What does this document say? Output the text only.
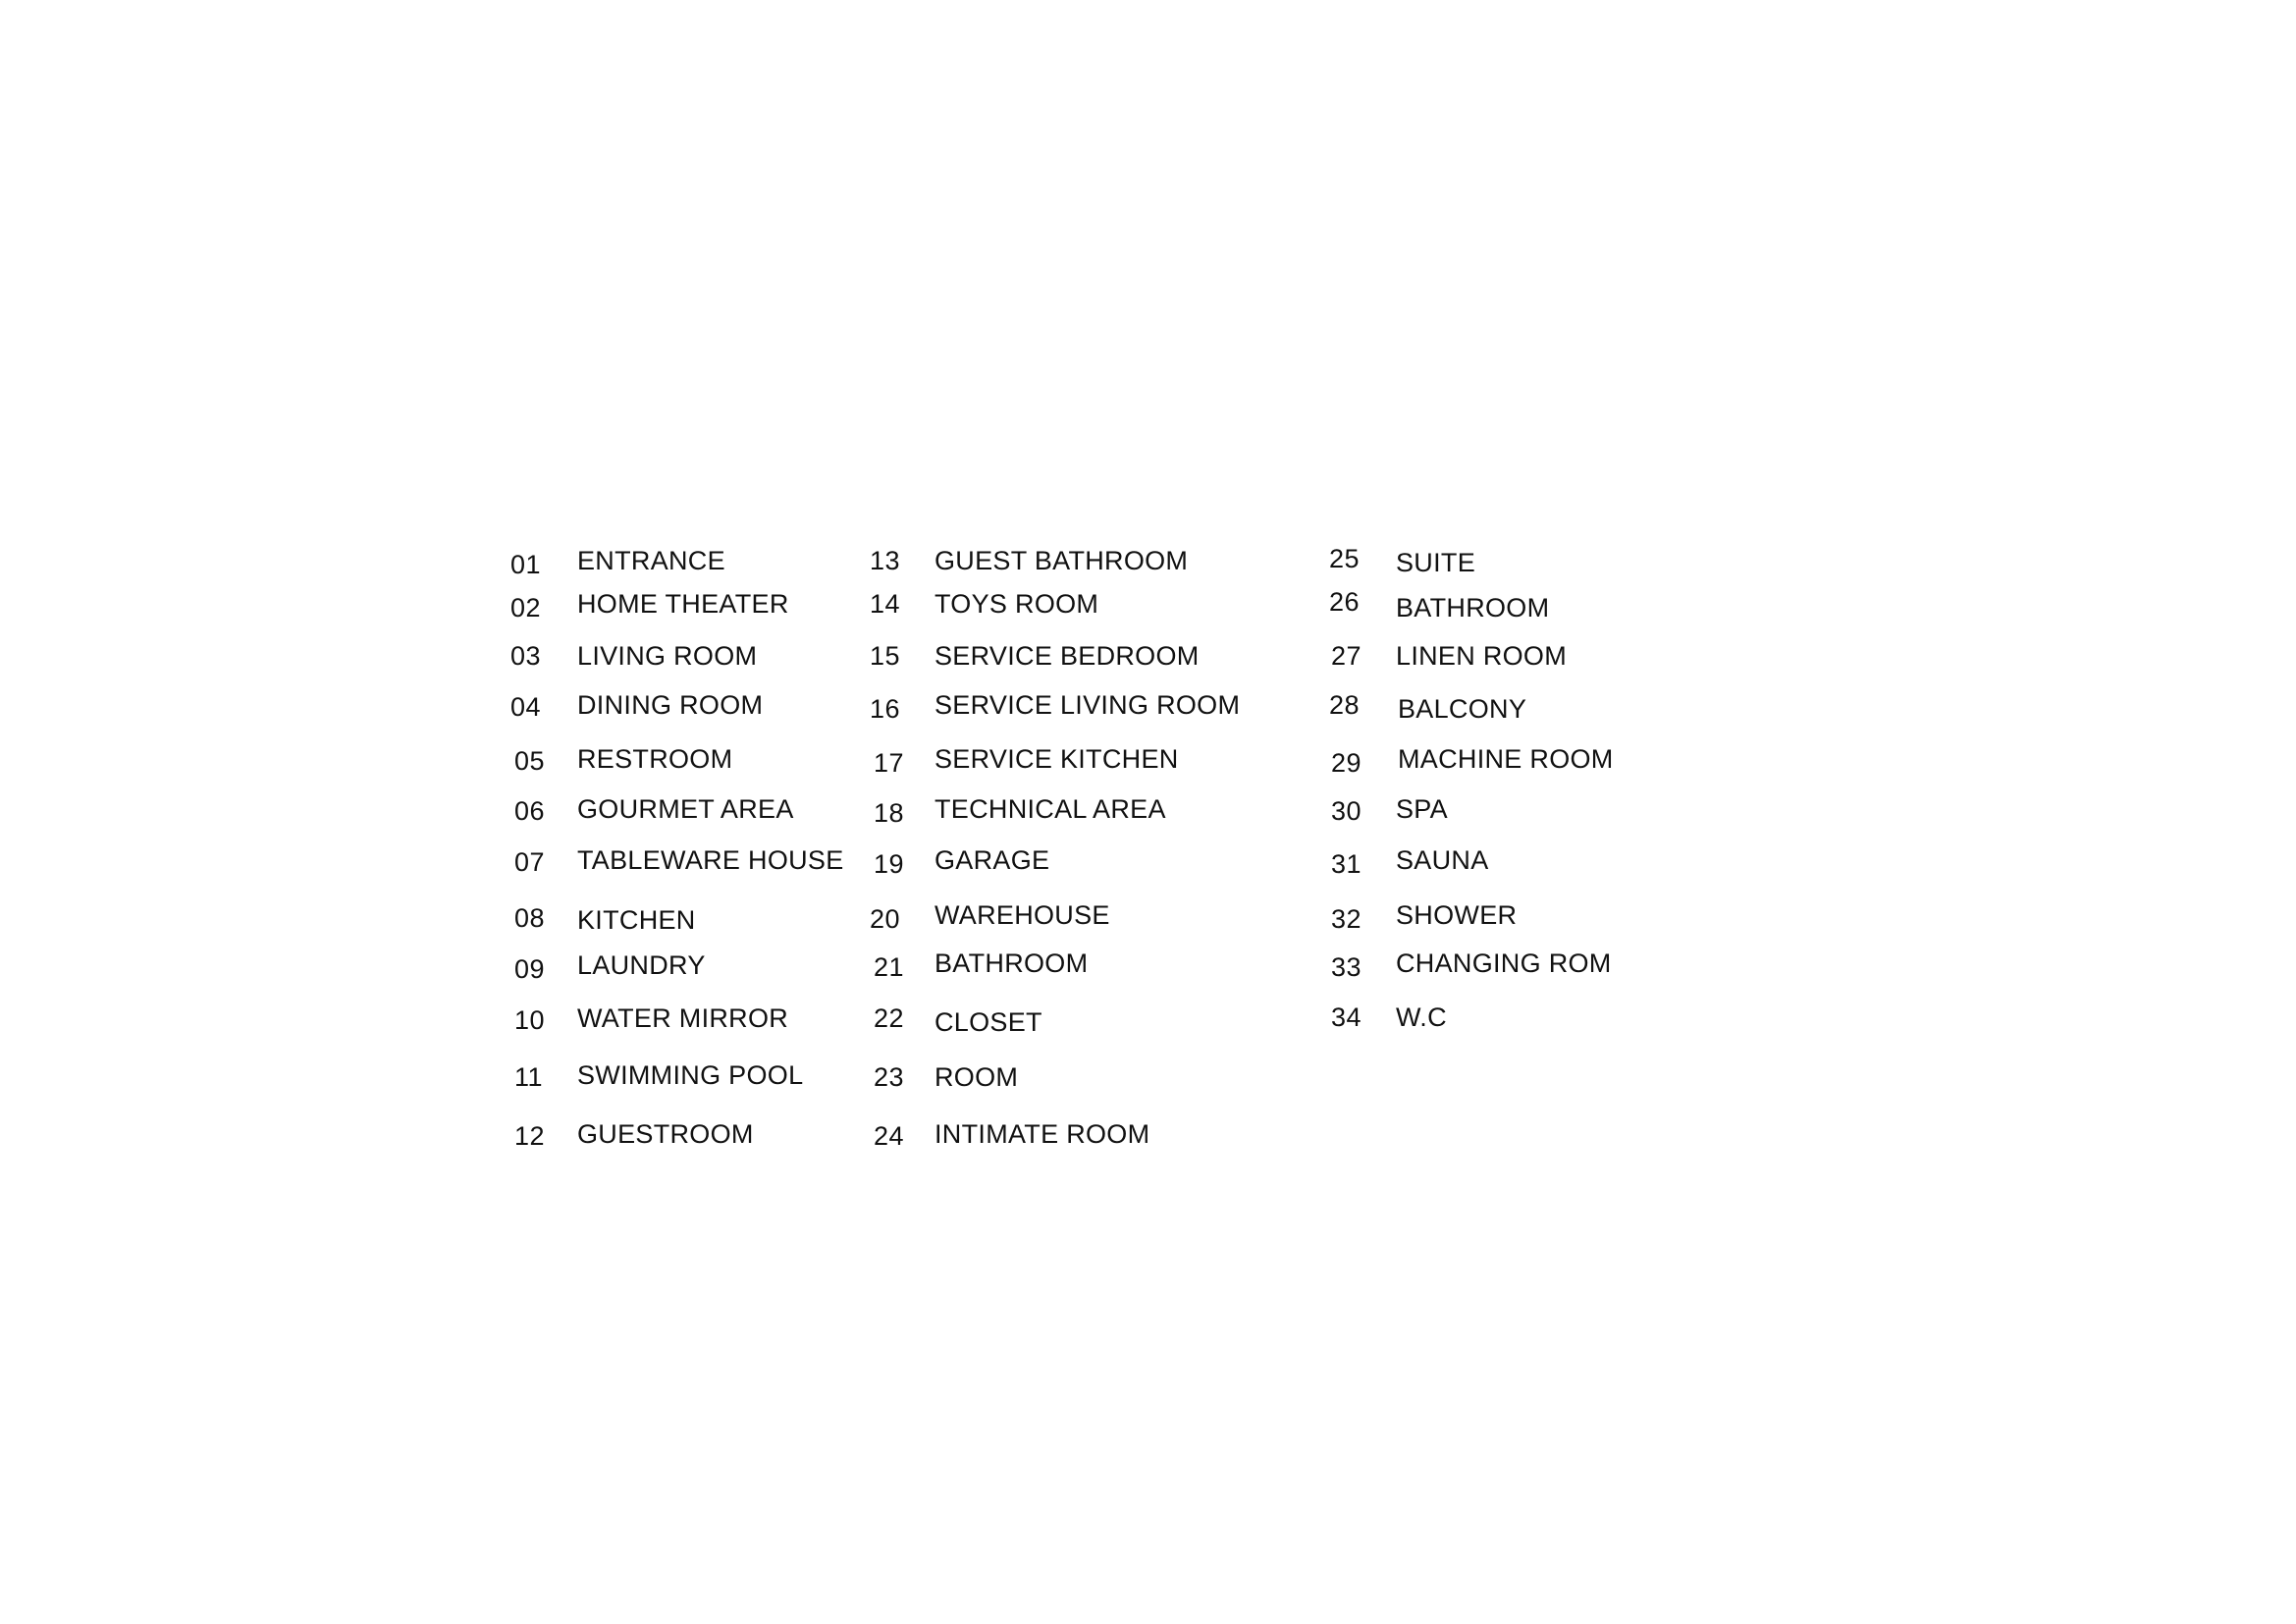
01 ENTRANCE
02 HOME THEATER
03 LIVING ROOM
04 DINING ROOM
05 RESTROOM
06 GOURMET AREA
07 TABLEWARE HOUSE
08 KITCHEN
09 LAUNDRY
10 WATER MIRROR
11 SWIMMING POOL
12 GUESTROOM
13 GUEST BATHROOM
14 TOYS ROOM
15 SERVICE BEDROOM
16 SERVICE LIVING ROOM
17 SERVICE KITCHEN
18 TECHNICAL AREA
19 GARAGE
20 WAREHOUSE
21 BATHROOM
22 CLOSET
23 ROOM
24 INTIMATE ROOM
25 SUITE
26 BATHROOM
27 LINEN ROOM
28 BALCONY
29 MACHINE ROOM
30 SPA
31 SAUNA
32 SHOWER
33 CHANGING ROM
34 W.C
